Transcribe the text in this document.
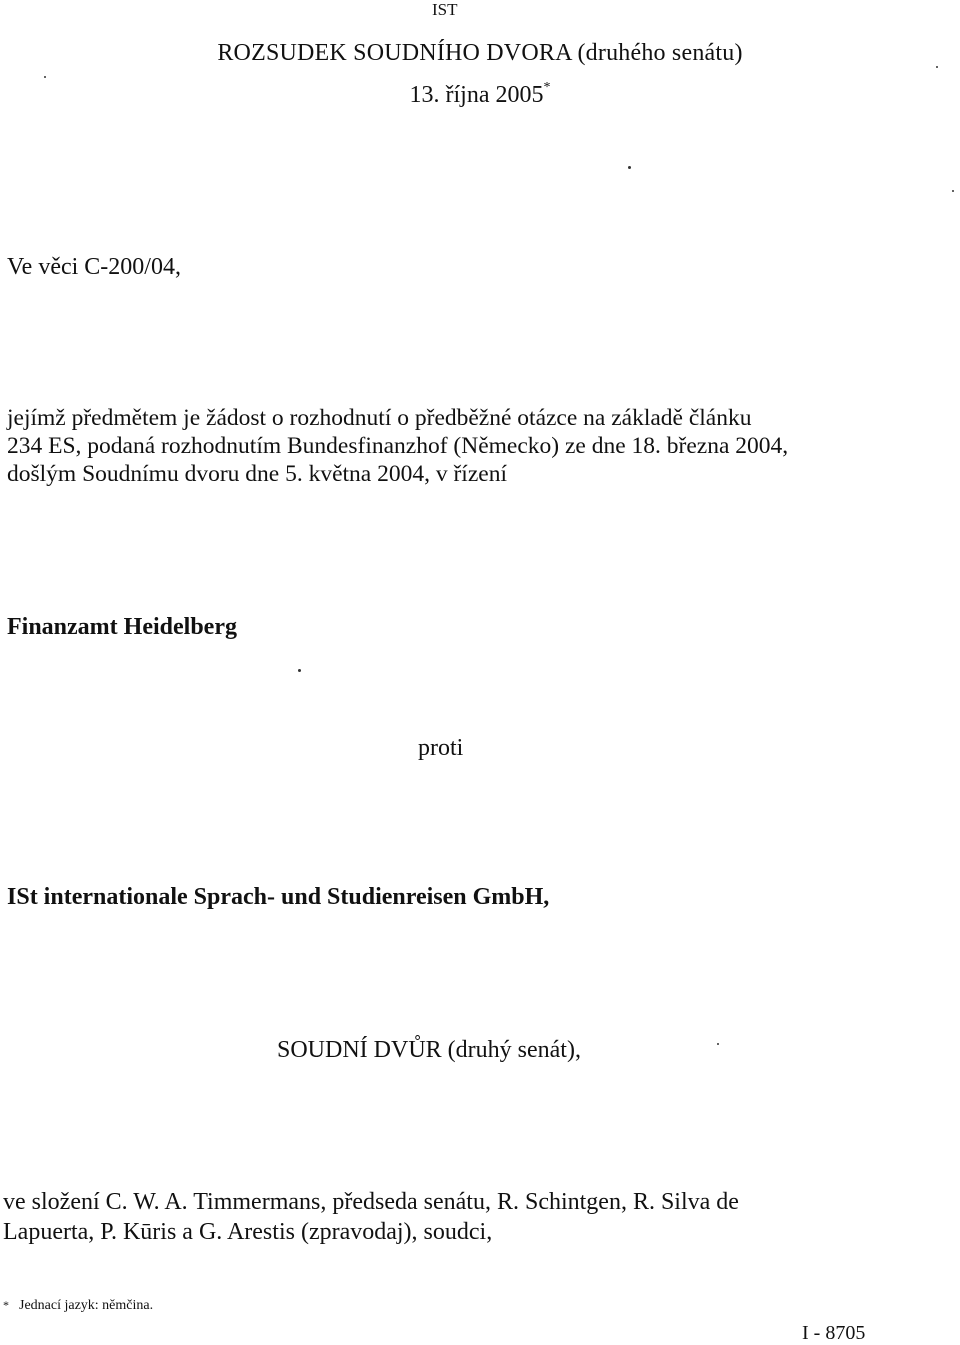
IST
ROZSUDEK SOUDNÍHO DVORA (druhého senátu)
13. října 2005*
Ve věci C-200/04,
jejímž předmětem je žádost o rozhodnutí o předběžné otázce na základě článku
234 ES, podaná rozhodnutím Bundesfinanzhof (Německo) ze dne 18. března 2004,
došlým Soudnímu dvoru dne 5. května 2004, v řízení
Finanzamt Heidelberg
proti
ISt internationale Sprach- und Studienreisen GmbH,
SOUDNÍ DVŮR (druhý senát),
ve složení C. W. A. Timmermans, předseda senátu, R. Schintgen, R. Silva de
Lapuerta, P. Kūris a G. Arestis (zpravodaj), soudci,
* Jednací jazyk: němčina.
I - 8705
